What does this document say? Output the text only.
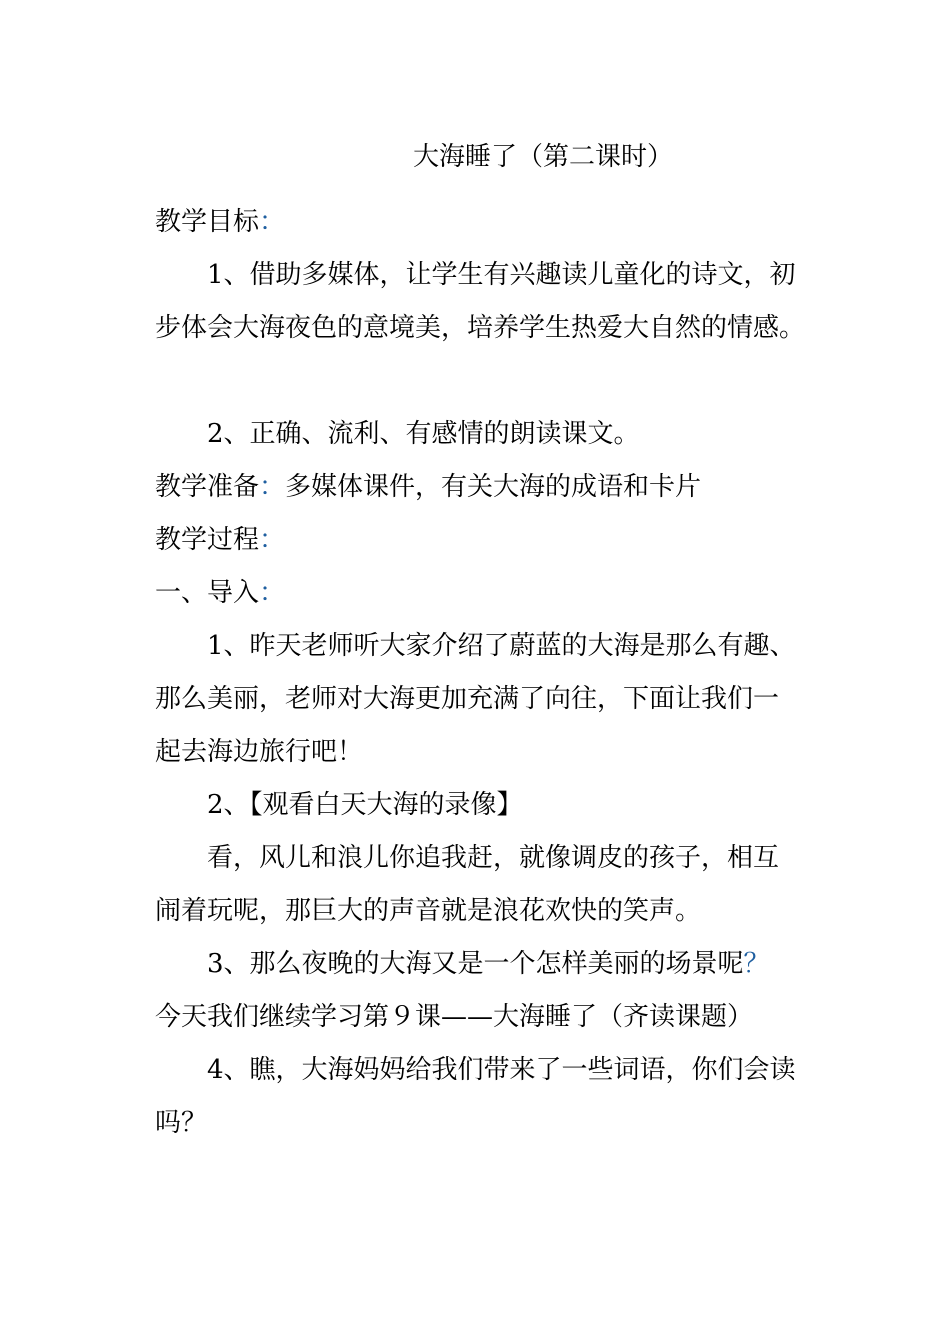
大海睡了（第二课时）
教学目标：
1、借助多媒体，让学生有兴趣读儿童化的诗文，初
步体会大海夜色的意境美，培养学生热爱大自然的情感。
2、正确、流利、有感情的朗读课文。
教学准备：多媒体课件，有关大海的成语和卡片
教学过程：
一、导入：
1、昨天老师听大家介绍了蔚蓝的大海是那么有趣、
那么美丽，老师对大海更加充满了向往，下面让我们一
起去海边旅行吧！
2、【观看白天大海的录像】
看，风儿和浪儿你追我赶，就像调皮的孩子，相互
闹着玩呢，那巨大的声音就是浪花欢快的笑声。
3、那么夜晚的大海又是一个怎样美丽的场景呢？
今天我们继续学习第９课——大海睡了（齐读课题）
4、瞧，大海妈妈给我们带来了一些词语，你们会读
吗？
